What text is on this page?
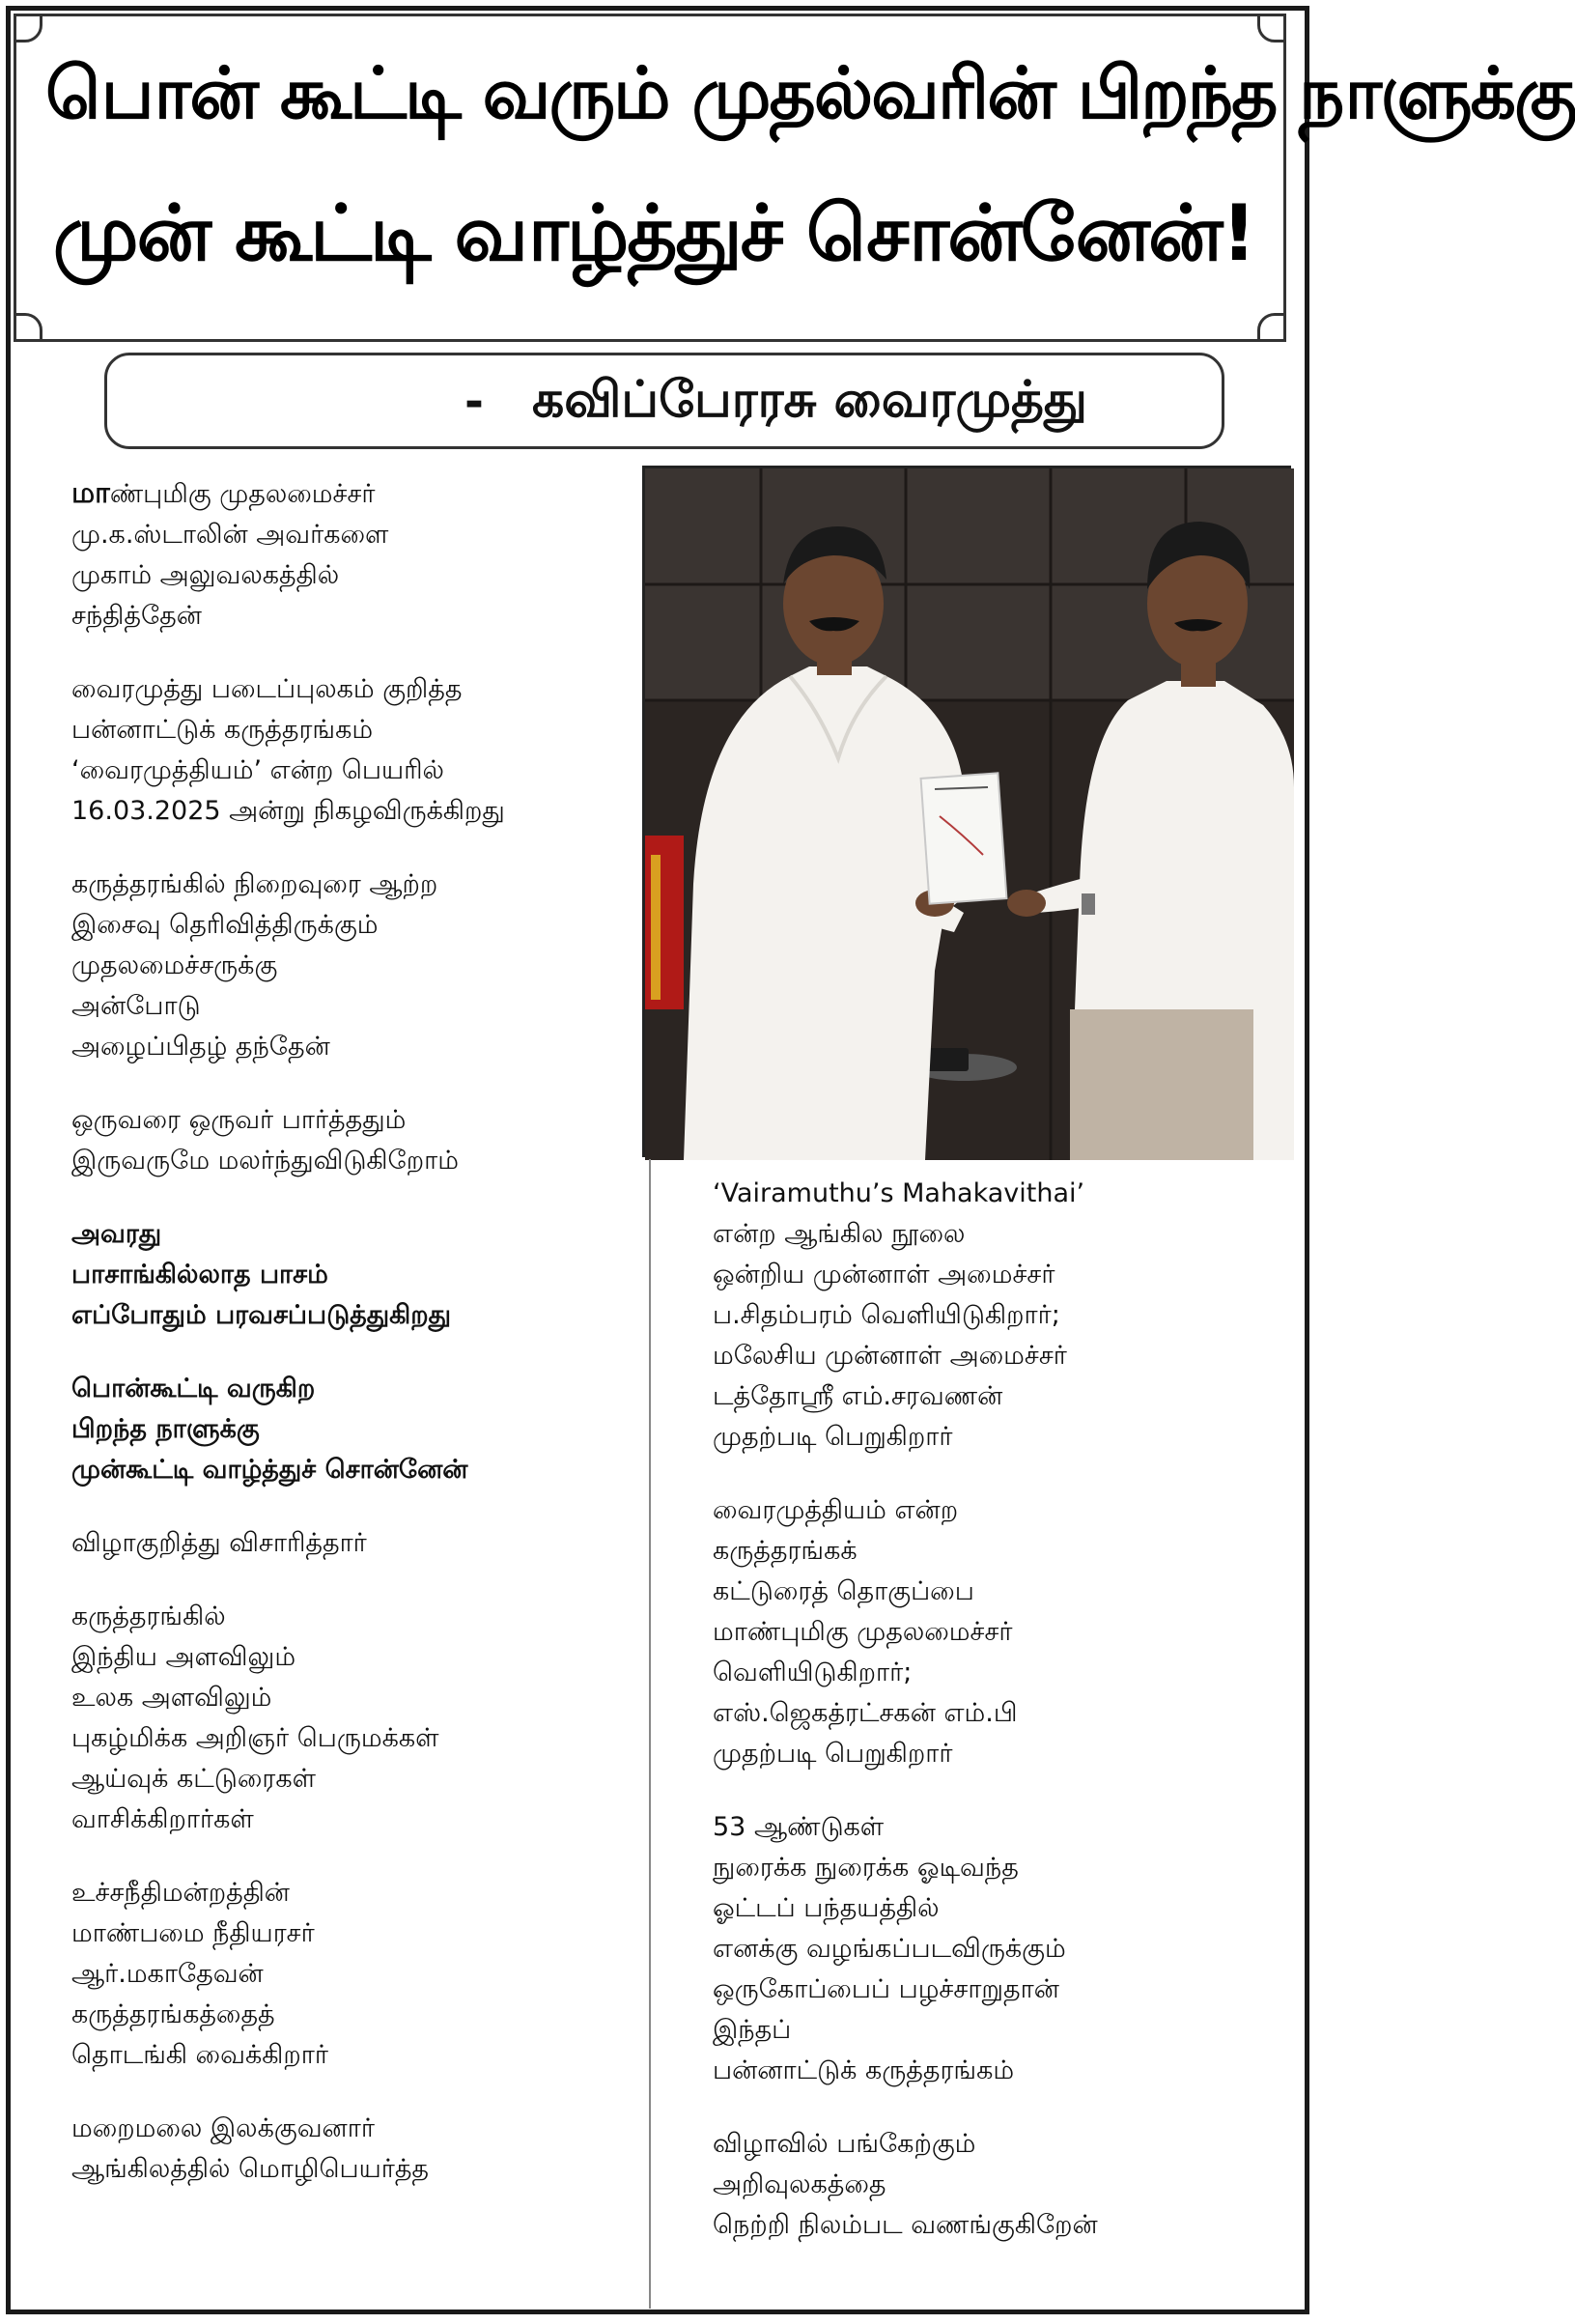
பொன் கூட்டி வரும் முதல்வரின் பிறந்த நாளுக்கு
முன் கூட்டி வாழ்த்துச் சொன்னேன்!
- கவிப்பேரரசு வைரமுத்து

மாண்புமிகு முதலமைச்சர்
மு.க.ஸ்டாலின் அவர்களை
முகாம் அலுவலகத்தில்
சந்தித்தேன்

வைரமுத்து படைப்புலகம் குறித்த
பன்னாட்டுக் கருத்தரங்கம்
‘வைரமுத்தியம்’ என்ற பெயரில்
16.03.2025 அன்று நிகழவிருக்கிறது

கருத்தரங்கில் நிறைவுரை ஆற்ற
இசைவு தெரிவித்திருக்கும்
முதலமைச்சருக்கு
அன்போடு
அழைப்பிதழ் தந்தேன்

ஒருவரை ஒருவர் பார்த்ததும்
இருவருமே மலர்ந்துவிடுகிறோம்

அவரது
பாசாங்கில்லாத பாசம்
எப்போதும் பரவசப்படுத்துகிறது

பொன்கூட்டி வருகிற
பிறந்த நாளுக்கு
முன்கூட்டி வாழ்த்துச் சொன்னேன்

விழாகுறித்து விசாரித்தார்

கருத்தரங்கில்
இந்திய அளவிலும்
உலக அளவிலும்
புகழ்மிக்க அறிஞர் பெருமக்கள்
ஆய்வுக் கட்டுரைகள்
வாசிக்கிறார்கள்

உச்சநீதிமன்றத்தின்
மாண்பமை நீதியரசர்
ஆர்.மகாதேவன்
கருத்தரங்கத்தைத்
தொடங்கி வைக்கிறார்

மறைமலை இலக்குவனார்
ஆங்கிலத்தில் மொழிபெயர்த்த

‘Vairamuthu’s Mahakavithai’
என்ற ஆங்கில நூலை
ஒன்றிய முன்னாள் அமைச்சர்
ப.சிதம்பரம் வெளியிடுகிறார்;
மலேசிய முன்னாள் அமைச்சர்
டத்தோஸ்ரீ எம்.சரவணன்
முதற்படி பெறுகிறார்

வைரமுத்தியம் என்ற
கருத்தரங்கக்
கட்டுரைத் தொகுப்பை
மாண்புமிகு முதலமைச்சர்
வெளியிடுகிறார்;
எஸ்.ஜெகத்ரட்சகன் எம்.பி
முதற்படி பெறுகிறார்

53 ஆண்டுகள்
நுரைக்க நுரைக்க ஓடிவந்த
ஓட்டப் பந்தயத்தில்
எனக்கு வழங்கப்படவிருக்கும்
ஒருகோப்பைப் பழச்சாறுதான்
இந்தப்
பன்னாட்டுக் கருத்தரங்கம்

விழாவில் பங்கேற்கும்
அறிவுலகத்தை
நெற்றி நிலம்பட வணங்குகிறேன்
